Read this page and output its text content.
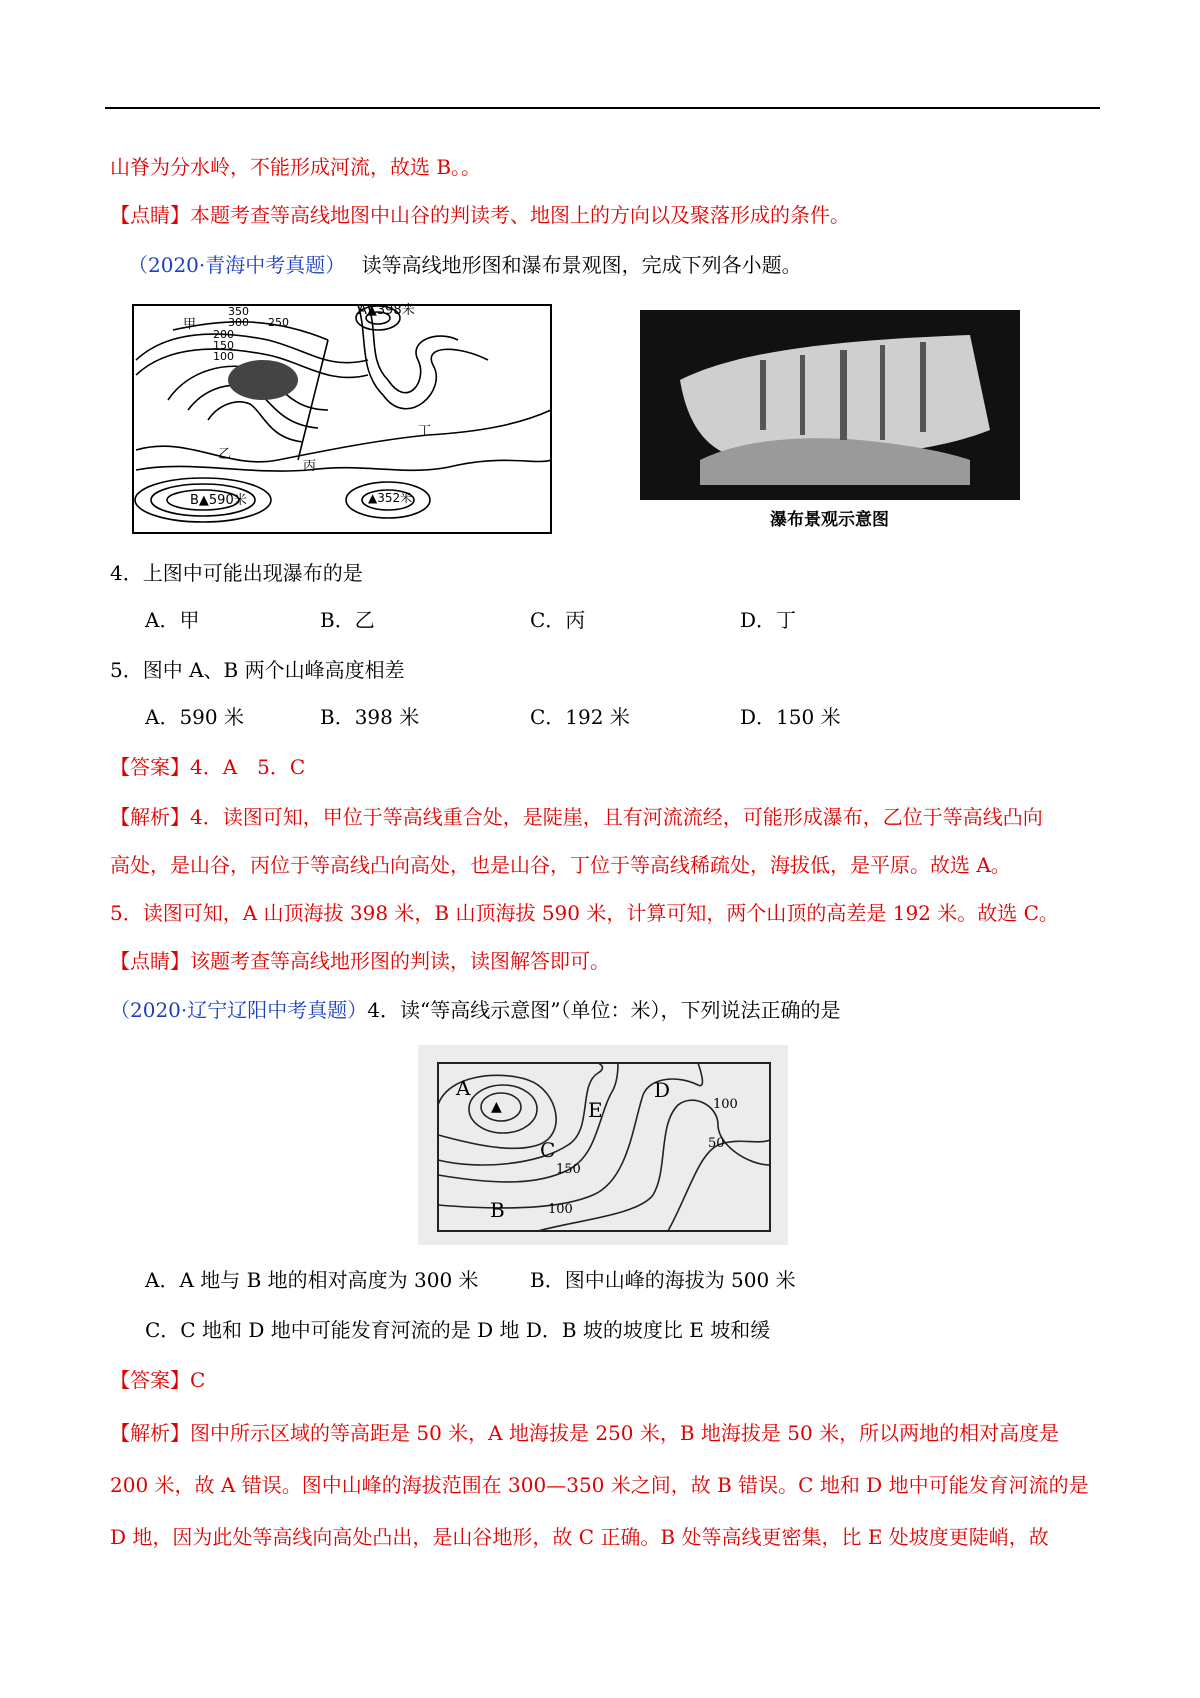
山脊为分水岭，不能形成河流，故选 B。。
【点睛】本题考查等高线地图中山谷的判读考、地图上的方向以及聚落形成的条件。
（2020·青海中考真题） 读等高线地形图和瀑布景观图，完成下列各小题。
350
300 250
200
150
100
A▲398米
B▲590米	▲352米
甲
乙
丙
丁
瀑布景观示意图
4．上图中可能出现瀑布的是
A．甲	B．乙	C．丙	D．丁
5．图中 A、B 两个山峰高度相差
A．590 米	B．398 米	C．192 米	D．150 米
【答案】4．A　5．C
【解析】4．读图可知，甲位于等高线重合处，是陡崖，且有河流流经，可能形成瀑布，乙位于等高线凸向
高处，是山谷，丙位于等高线凸向高处，也是山谷，丁位于等高线稀疏处，海拔低，是平原。故选 A。
5．读图可知，A 山顶海拔 398 米，B 山顶海拔 590 米，计算可知，两个山顶的高差是 192 米。故选 C。
【点睛】该题考查等高线地形图的判读，读图解答即可。
（2020·辽宁辽阳中考真题）4．读“等高线示意图”（单位：米），下列说法正确的是
▲
A
B
C
D
E
150
100
100
50
A．A 地与 B 地的相对高度为 300 米	B．图中山峰的海拔为 500 米
C．C 地和 D 地中可能发育河流的是 D 地 D．B 坡的坡度比 E 坡和缓
【答案】C
【解析】图中所示区域的等高距是 50 米，A 地海拔是 250 米，B 地海拔是 50 米，所以两地的相对高度是
200 米，故 A 错误。图中山峰的海拔范围在 300—350 米之间，故 B 错误。C 地和 D 地中可能发育河流的是
D 地，因为此处等高线向高处凸出，是山谷地形，故 C 正确。B 处等高线更密集，比 E 处坡度更陡峭，故
